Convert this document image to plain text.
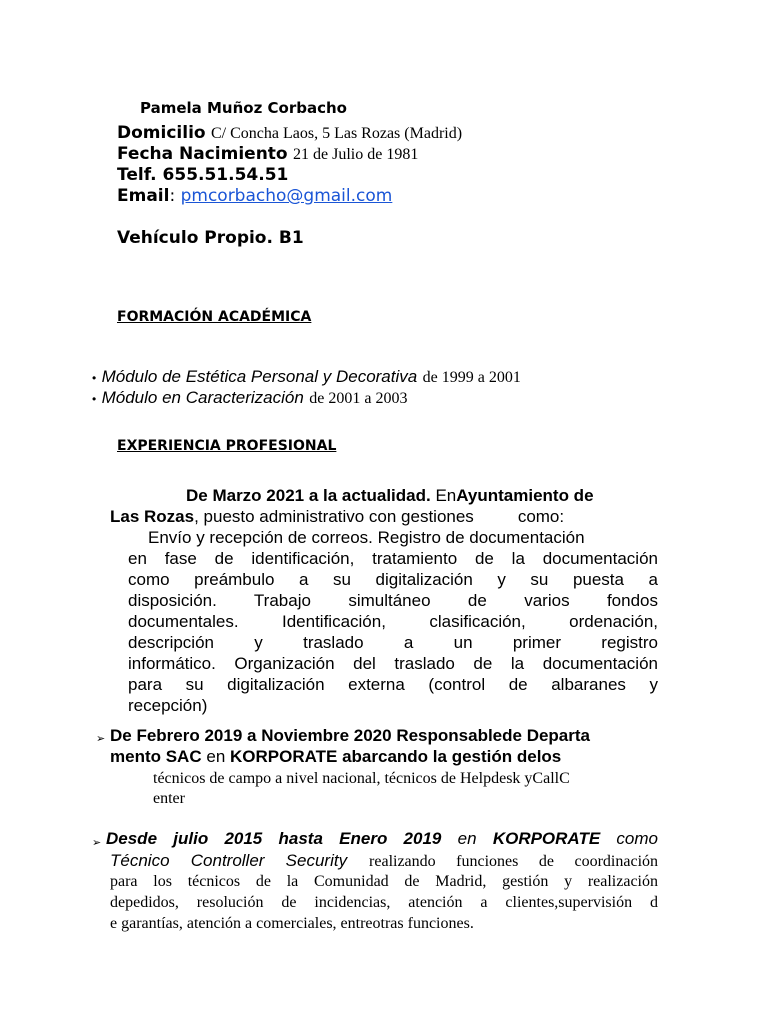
Pamela Muñoz Corbacho
Domicilio C/ Concha Laos, 5 Las Rozas (Madrid)
Fecha Nacimiento 21 de Julio de 1981
Telf. 655.51.54.51
Email: pmcorbacho@gmail.com
Vehículo Propio. B1
FORMACIÓN ACADÉMICA
• Módulo de Estética Personal y Decorativa de 1999 a 2001
• Módulo en Caracterización de 2001 a 2003
EXPERIENCIA PROFESIONAL
De Marzo 2021 a la actualidad. EnAyuntamiento de
Las Rozas, puesto administrativo con gestiones	como:
Envío y recepción de correos. Registro de documentación
en fase de identificación, tratamiento de la documentación
como preámbulo a su digitalización y su puesta a
disposición. Trabajo simultáneo de varios fondos
documentales. Identificación, clasificación, ordenación,
descripción y traslado a un primer registro
informático. Organización del traslado de la documentación
para su digitalización externa (control de albaranes y
recepción)
➢ De Febrero 2019 a Noviembre 2020 Responsablede Departa
mento SAC en KORPORATE abarcando la gestión delos
técnicos de campo a nivel nacional, técnicos de Helpdesk yCallC
enter
➢ Desde julio 2015 hasta Enero 2019 en KORPORATE como
Técnico Controller Security realizando funciones de coordinación
para los técnicos de la Comunidad de Madrid, gestión y realización
depedidos, resolución de incidencias, atención a clientes,supervisión d
e garantías, atención a comerciales, entreotras funciones.
